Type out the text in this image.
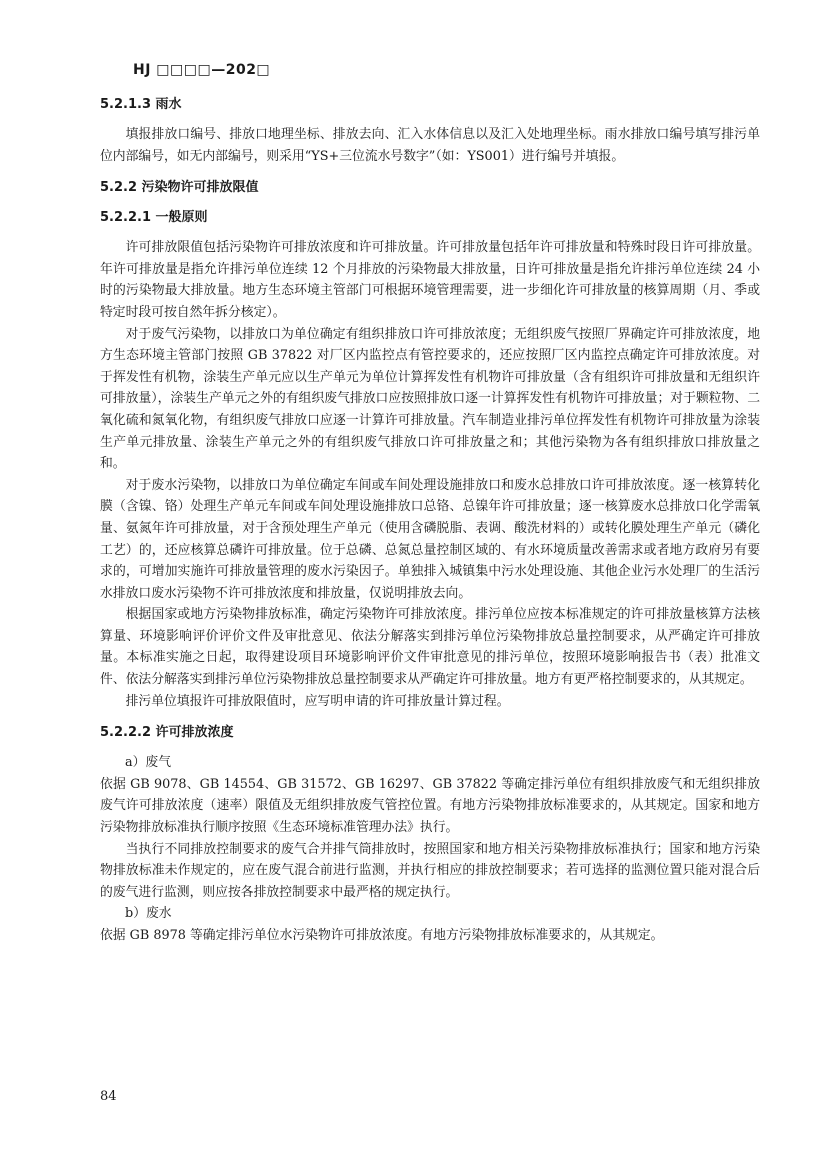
HJ □□□□—202□

5.2.1.3 雨水

填报排放口编号、排放口地理坐标、排放去向、汇入水体信息以及汇入处地理坐标。雨水排放口编号填写排污单位内部编号，如无内部编号，则采用“YS+三位流水号数字”（如：YS001）进行编号并填报。

5.2.2 污染物许可排放限值

5.2.2.1 一般原则

许可排放限值包括污染物许可排放浓度和许可排放量。许可排放量包括年许可排放量和特殊时段日许可排放量。年许可排放量是指允许排污单位连续 12 个月排放的污染物最大排放量，日许可排放量是指允许排污单位连续 24 小时的污染物最大排放量。地方生态环境主管部门可根据环境管理需要，进一步细化许可排放量的核算周期（月、季或特定时段可按自然年拆分核定）。

对于废气污染物，以排放口为单位确定有组织排放口许可排放浓度；无组织废气按照厂界确定许可排放浓度，地方生态环境主管部门按照 GB 37822 对厂区内监控点有管控要求的，还应按照厂区内监控点确定许可排放浓度。对于挥发性有机物，涂装生产单元应以生产单元为单位计算挥发性有机物许可排放量（含有组织许可排放量和无组织许可排放量），涂装生产单元之外的有组织废气排放口应按照排放口逐一计算挥发性有机物许可排放量；对于颗粒物、二氧化硫和氮氧化物，有组织废气排放口应逐一计算许可排放量。汽车制造业排污单位挥发性有机物许可排放量为涂装生产单元排放量、涂装生产单元之外的有组织废气排放口许可排放量之和；其他污染物为各有组织排放口排放量之和。

对于废水污染物，以排放口为单位确定车间或车间处理设施排放口和废水总排放口许可排放浓度。逐一核算转化膜（含镍、铬）处理生产单元车间或车间处理设施排放口总铬、总镍年许可排放量；逐一核算废水总排放口化学需氧量、氨氮年许可排放量，对于含预处理生产单元（使用含磷脱脂、表调、酸洗材料的）或转化膜处理生产单元（磷化工艺）的，还应核算总磷许可排放量。位于总磷、总氮总量控制区域的、有水环境质量改善需求或者地方政府另有要求的，可增加实施许可排放量管理的废水污染因子。单独排入城镇集中污水处理设施、其他企业污水处理厂的生活污水排放口废水污染物不许可排放浓度和排放量，仅说明排放去向。

根据国家或地方污染物排放标准，确定污染物许可排放浓度。排污单位应按本标准规定的许可排放量核算方法核算量、环境影响评价评价文件及审批意见、依法分解落实到排污单位污染物排放总量控制要求，从严确定许可排放量。本标准实施之日起，取得建设项目环境影响评价文件审批意见的排污单位，按照环境影响报告书（表）批准文件、依法分解落实到排污单位污染物排放总量控制要求从严确定许可排放量。地方有更严格控制要求的，从其规定。

排污单位填报许可排放限值时，应写明申请的许可排放量计算过程。

5.2.2.2 许可排放浓度

a）废气

依据 GB 9078、GB 14554、GB 31572、GB 16297、GB 37822 等确定排污单位有组织排放废气和无组织排放废气许可排放浓度（速率）限值及无组织排放废气管控位置。有地方污染物排放标准要求的，从其规定。国家和地方污染物排放标准执行顺序按照《生态环境标准管理办法》执行。

当执行不同排放控制要求的废气合并排气筒排放时，按照国家和地方相关污染物排放标准执行；国家和地方污染物排放标准未作规定的，应在废气混合前进行监测，并执行相应的排放控制要求；若可选择的监测位置只能对混合后的废气进行监测，则应按各排放控制要求中最严格的规定执行。

b）废水

依据 GB 8978 等确定排污单位水污染物许可排放浓度。有地方污染物排放标准要求的，从其规定。

84
